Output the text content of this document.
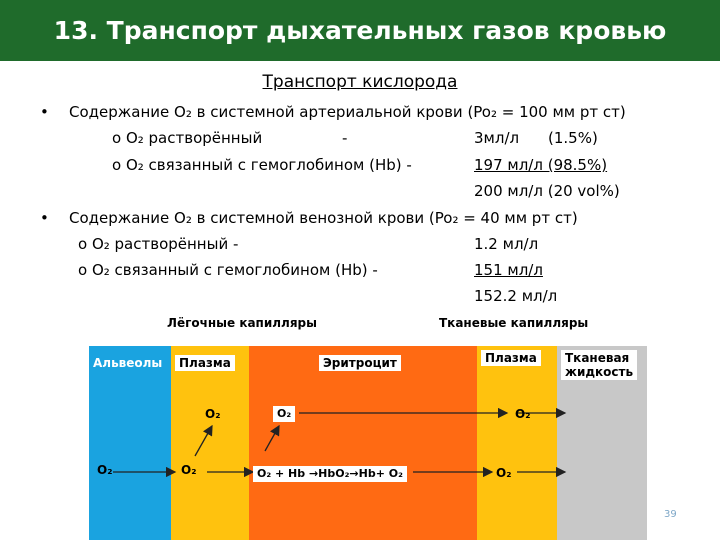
13. Транспорт дыхательных газов кровью
Транспорт кислорода
• Содержание O₂ в системной артериальной крови (Po₂ = 100 мм рт ст)
o O₂ растворённый	-	3мл/л (1.5%)
o O₂ связанный с гемоглобином (Hb) -	197 мл/л (98.5%)
200 мл/л (20 vol%)
• Содержание O₂ в системной венозной крови (Po₂ = 40 мм рт ст)
o O₂ растворённый -	1.2 мл/л
o O₂ связанный с гемоглобином (Hb) -	151 мл/л
152.2 мл/л
Лёгочные капилляры	Тканевые капилляры
Альвеолы	Плазма	Эритроцит	Плазма	Тканевая жидкость
O₂	O₂
O₂	O₂
O₂ + Hb →HbO₂→Hb+ O₂
O₂
O₂
39
